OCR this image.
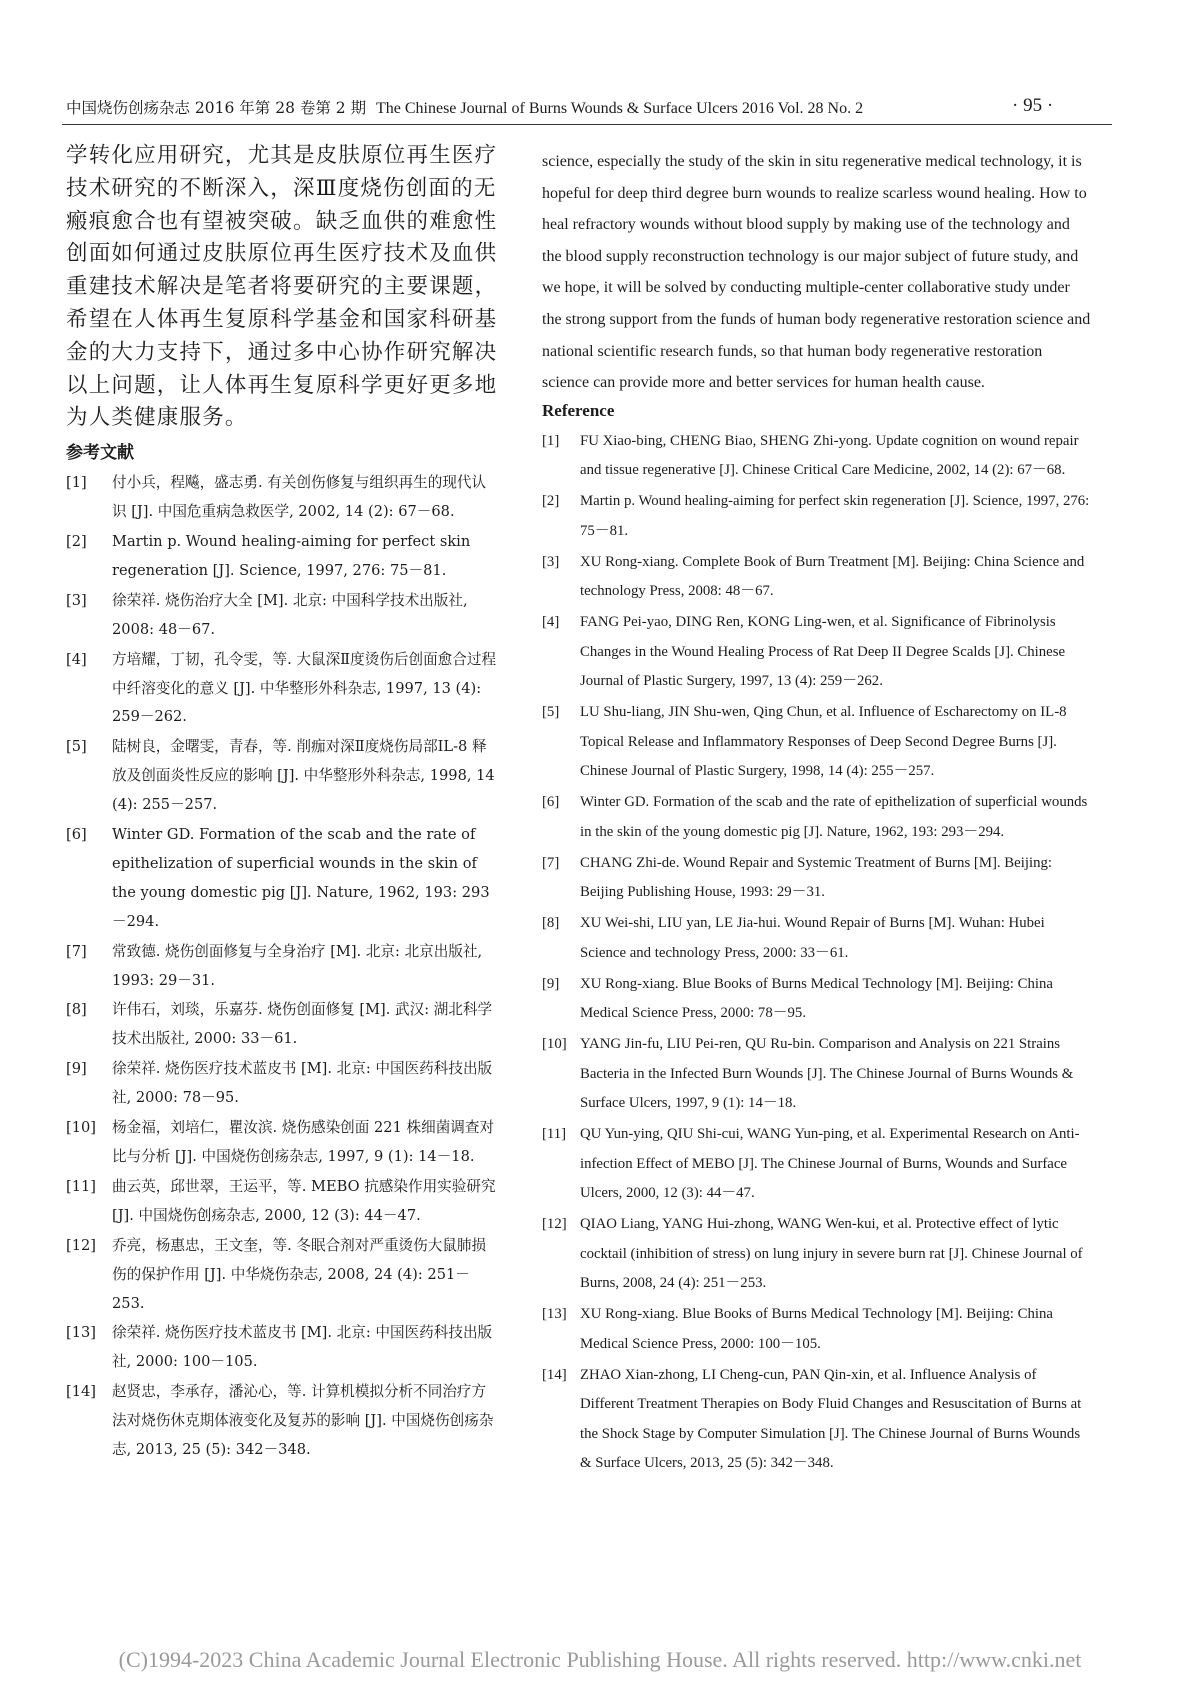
中国烧伤创疡杂志 2016 年第 28 卷第 2 期 The Chinese Journal of Burns Wounds & Surface Ulcers 2016 Vol. 28 No. 2	· 95 ·

学转化应用研究，尤其是皮肤原位再生医疗技术研究的不断深入，深Ⅲ度烧伤创面的无瘢痕愈合也有望被突破。缺乏血供的难愈性创面如何通过皮肤原位再生医疗技术及血供重建技术解决是笔者将要研究的主要课题，希望在人体再生复原科学基金和国家科研基金的大力支持下，通过多中心协作研究解决以上问题，让人体再生复原科学更好更多地为人类健康服务。

参考文献
[1] 付小兵，程飚，盛志勇. 有关创伤修复与组织再生的现代认识 [J]. 中国危重病急救医学, 2002, 14 (2): 67－68.
[2] Martin p. Wound healing-aiming for perfect skin regeneration [J]. Science, 1997, 276: 75－81.
[3] 徐荣祥. 烧伤治疗大全 [M]. 北京: 中国科学技术出版社, 2008: 48－67.
[4] 方培耀，丁韧，孔令雯，等. 大鼠深Ⅱ度烫伤后创面愈合过程中纤溶变化的意义 [J]. 中华整形外科杂志, 1997, 13 (4): 259－262.
[5] 陆树良，金曙雯，青春，等. 削痂对深Ⅱ度烧伤局部IL-8 释放及创面炎性反应的影响 [J]. 中华整形外科杂志, 1998, 14 (4): 255－257.
[6] Winter GD. Formation of the scab and the rate of epithelization of superficial wounds in the skin of the young domestic pig [J]. Nature, 1962, 193: 293－294.
[7] 常致德. 烧伤创面修复与全身治疗 [M]. 北京: 北京出版社, 1993: 29－31.
[8] 许伟石，刘琰，乐嘉芬. 烧伤创面修复 [M]. 武汉: 湖北科学技术出版社, 2000: 33－61.
[9] 徐荣祥. 烧伤医疗技术蓝皮书 [M]. 北京: 中国医药科技出版社, 2000: 78－95.
[10] 杨金福，刘培仁，瞿汝滨. 烧伤感染创面 221 株细菌调查对比与分析 [J]. 中国烧伤创疡杂志, 1997, 9 (1): 14－18.
[11] 曲云英，邱世翠，王运平，等. MEBO 抗感染作用实验研究 [J]. 中国烧伤创疡杂志, 2000, 12 (3): 44－47.
[12] 乔亮，杨惠忠，王文奎，等. 冬眠合剂对严重烫伤大鼠肺损伤的保护作用 [J]. 中华烧伤杂志, 2008, 24 (4): 251－253.
[13] 徐荣祥. 烧伤医疗技术蓝皮书 [M]. 北京: 中国医药科技出版社, 2000: 100－105.
[14] 赵贤忠，李承存，潘沁心，等. 计算机模拟分析不同治疗方法对烧伤休克期体液变化及复苏的影响 [J]. 中国烧伤创疡杂志, 2013, 25 (5): 342－348.

science, especially the study of the skin in situ regenerative medical technology, it is hopeful for deep third degree burn wounds to realize scarless wound healing. How to heal refractory wounds without blood supply by making use of the technology and the blood supply reconstruction technology is our major subject of future study, and we hope, it will be solved by conducting multiple-center collaborative study under the strong support from the funds of human body regenerative restoration science and national scientific research funds, so that human body regenerative restoration science can provide more and better services for human health cause.

Reference
[1] FU Xiao-bing, CHENG Biao, SHENG Zhi-yong. Update cognition on wound repair and tissue regenerative [J]. Chinese Critical Care Medicine, 2002, 14 (2): 67－68.
[2] Martin p. Wound healing-aiming for perfect skin regeneration [J]. Science, 1997, 276: 75－81.
[3] XU Rong-xiang. Complete Book of Burn Treatment [M]. Beijing: China Science and technology Press, 2008: 48－67.
[4] FANG Pei-yao, DING Ren, KONG Ling-wen, et al. Significance of Fibrinolysis Changes in the Wound Healing Process of Rat Deep II Degree Scalds [J]. Chinese Journal of Plastic Surgery, 1997, 13 (4): 259－262.
[5] LU Shu-liang, JIN Shu-wen, Qing Chun, et al. Influence of Escharectomy on IL-8 Topical Release and Inflammatory Responses of Deep Second Degree Burns [J]. Chinese Journal of Plastic Surgery, 1998, 14 (4): 255－257.
[6] Winter GD. Formation of the scab and the rate of epithelization of superficial wounds in the skin of the young domestic pig [J]. Nature, 1962, 193: 293－294.
[7] CHANG Zhi-de. Wound Repair and Systemic Treatment of Burns [M]. Beijing: Beijing Publishing House, 1993: 29－31.
[8] XU Wei-shi, LIU yan, LE Jia-hui. Wound Repair of Burns [M]. Wuhan: Hubei Science and technology Press, 2000: 33－61.
[9] XU Rong-xiang. Blue Books of Burns Medical Technology [M]. Beijing: China Medical Science Press, 2000: 78－95.
[10] YANG Jin-fu, LIU Pei-ren, QU Ru-bin. Comparison and Analysis on 221 Strains Bacteria in the Infected Burn Wounds [J]. The Chinese Journal of Burns Wounds & Surface Ulcers, 1997, 9 (1): 14－18.
[11] QU Yun-ying, QIU Shi-cui, WANG Yun-ping, et al. Experimental Research on Anti-infection Effect of MEBO [J]. The Chinese Journal of Burns, Wounds and Surface Ulcers, 2000, 12 (3): 44－47.
[12] QIAO Liang, YANG Hui-zhong, WANG Wen-kui, et al. Protective effect of lytic cocktail (inhibition of stress) on lung injury in severe burn rat [J]. Chinese Journal of Burns, 2008, 24 (4): 251－253.
[13] XU Rong-xiang. Blue Books of Burns Medical Technology [M]. Beijing: China Medical Science Press, 2000: 100－105.
[14] ZHAO Xian-zhong, LI Cheng-cun, PAN Qin-xin, et al. Influence Analysis of Different Treatment Therapies on Body Fluid Changes and Resuscitation of Burns at the Shock Stage by Computer Simulation [J]. The Chinese Journal of Burns Wounds & Surface Ulcers, 2013, 25 (5): 342－348.
(C)1994-2023 China Academic Journal Electronic Publishing House. All rights reserved. http://www.cnki.net
